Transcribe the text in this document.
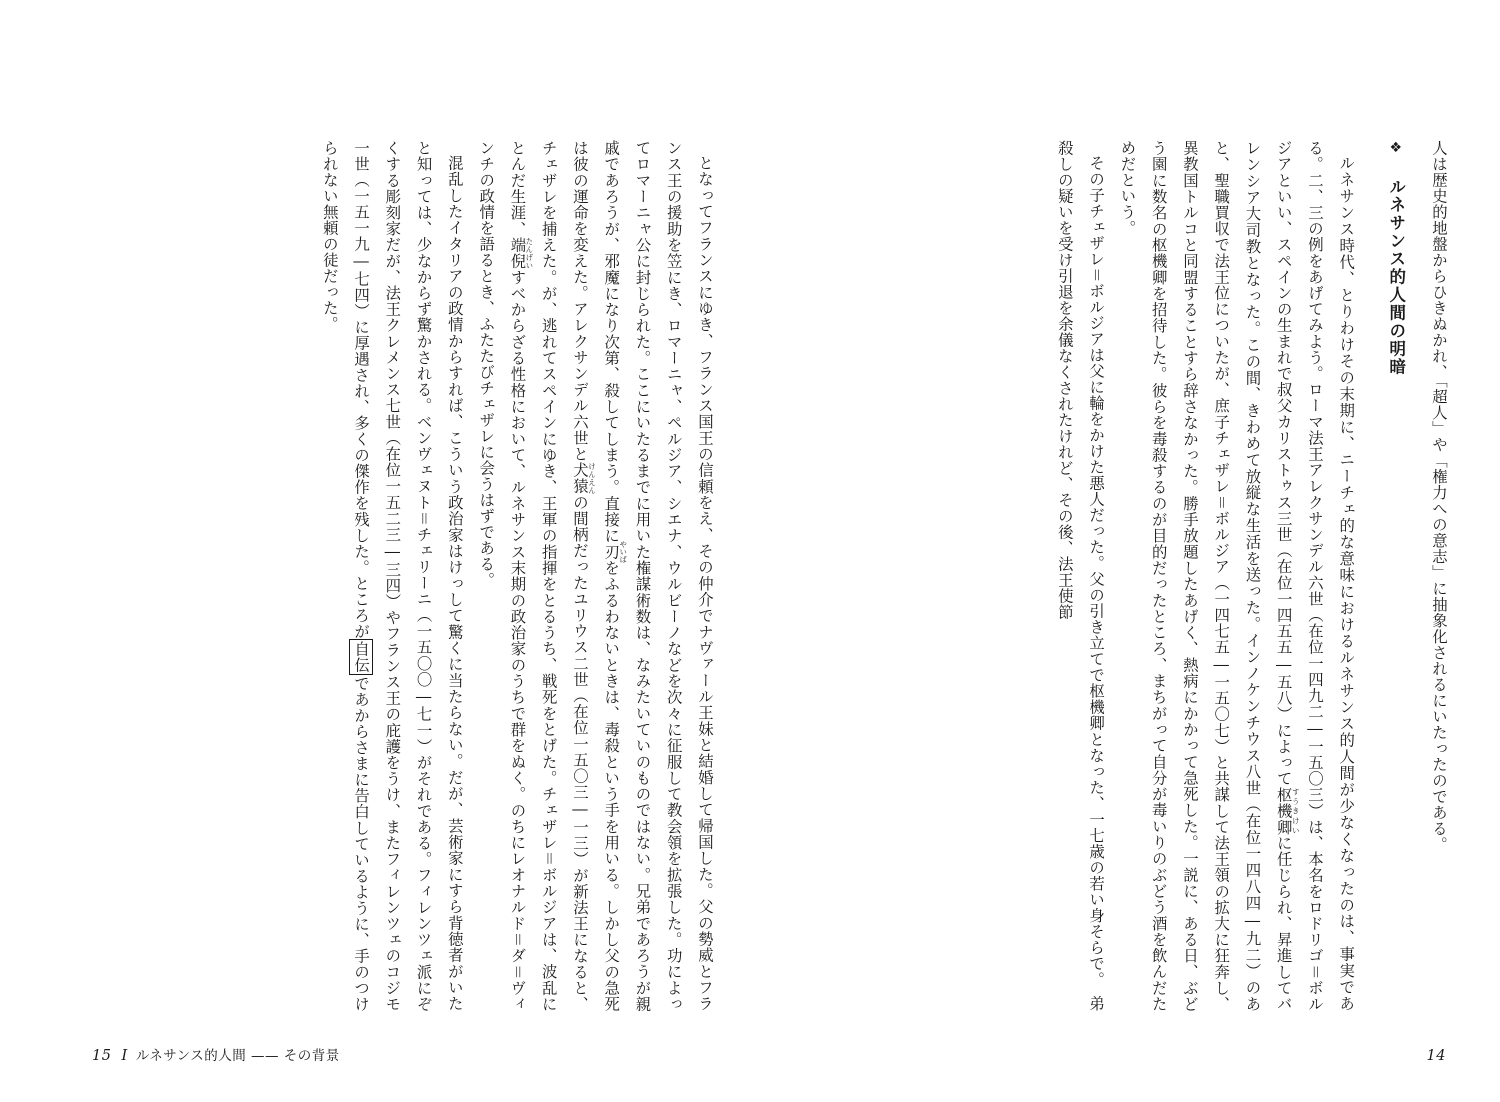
となってフランスにゆき、フランス国王の信頼をえ、その仲介でナヴァール王妹と結婚して帰国した。父の勢威とフランス王の援助を笠にき、ロマーニャ、ペルジア、シエナ、ウルビーノなどを次々に征服して教会領を拡張した。功によってロマーニャ公に封じられた。ここにいたるまでに用いた権謀術数は、なみたいていのものではない。兄弟であろうが親戚であろうが、邪魔になり次第、殺してしまう。直接に刃やいばをふるわないときは、毒殺という手を用いる。しかし父の急死は彼の運命を変えた。アレクサンデル六世と犬猿けんえんの間柄だったユリウス二世（在位一五〇三―一三）が新法王になると、チェザレを捕えた。が、逃れてスペインにゆき、王軍の指揮をとるうち、戦死をとげた。チェザレ＝ボルジアは、波乱にとんだ生涯、端倪たんげいすべからざる性格において、ルネサンス末期の政治家のうちで群をぬく。のちにレオナルド＝ダ＝ヴィンチの政情を語るとき、ふたたびチェザレに会うはずである。

混乱したイタリアの政情からすれば、こういう政治家はけっして驚くに当たらない。だが、芸術家にすら背徳者がいたと知っては、少なからず驚かされる。ベンヴェヌト＝チェリーニ（一五〇〇―七一）がそれである。フィレンツェ派にぞくする彫刻家だが、法王クレメンス七世（在位一五二三―三四）やフランス王の庇護をうけ、またフィレンツェのコジモ一世（一五一九―七四）に厚遇され、多くの傑作を残した。ところが自伝であからさまに告白しているように、手のつけられない無頼の徒だった。

15 Ⅰ ルネサンス的人間 —— その背景

人は歴史的地盤からひきぬかれ、「超人」や「権力への意志」に抽象化されるにいたったのである。

❖ ルネサンス的人間の明暗

ルネサンス時代、とりわけその末期に、ニーチェ的な意味におけるルネサンス的人間が少なくなったのは、事実である。二、三の例をあげてみよう。ローマ法王アレクサンデル六世（在位一四九二―一五〇三）は、本名をロドリゴ＝ボルジアといい、スペインの生まれで叔父カリストゥス三世（在位一四五五―五八）によって枢機卿すうきけいに任じられ、昇進してバレンシア大司教となった。この間、きわめて放縦な生活を送った。インノケンチウス八世（在位一四八四―九二）のあと、聖職買収で法王位についたが、庶子チェザレ＝ボルジア（一四七五―一五〇七）と共謀して法王領の拡大に狂奔し、異教国トルコと同盟することすら辞さなかった。勝手放題したあげく、熱病にかかって急死した。一説に、ある日、ぶどう園に数名の枢機卿を招待した。彼らを毒殺するのが目的だったところ、まちがって自分が毒いりのぶどう酒を飲んだためだという。

その子チェザレ＝ボルジアは父に輪をかけた悪人だった。父の引き立てで枢機卿となった、一七歳の若い身そらで。　弟殺しの疑いを受け引退を余儀なくされたけれど、その後、法王使節

14
